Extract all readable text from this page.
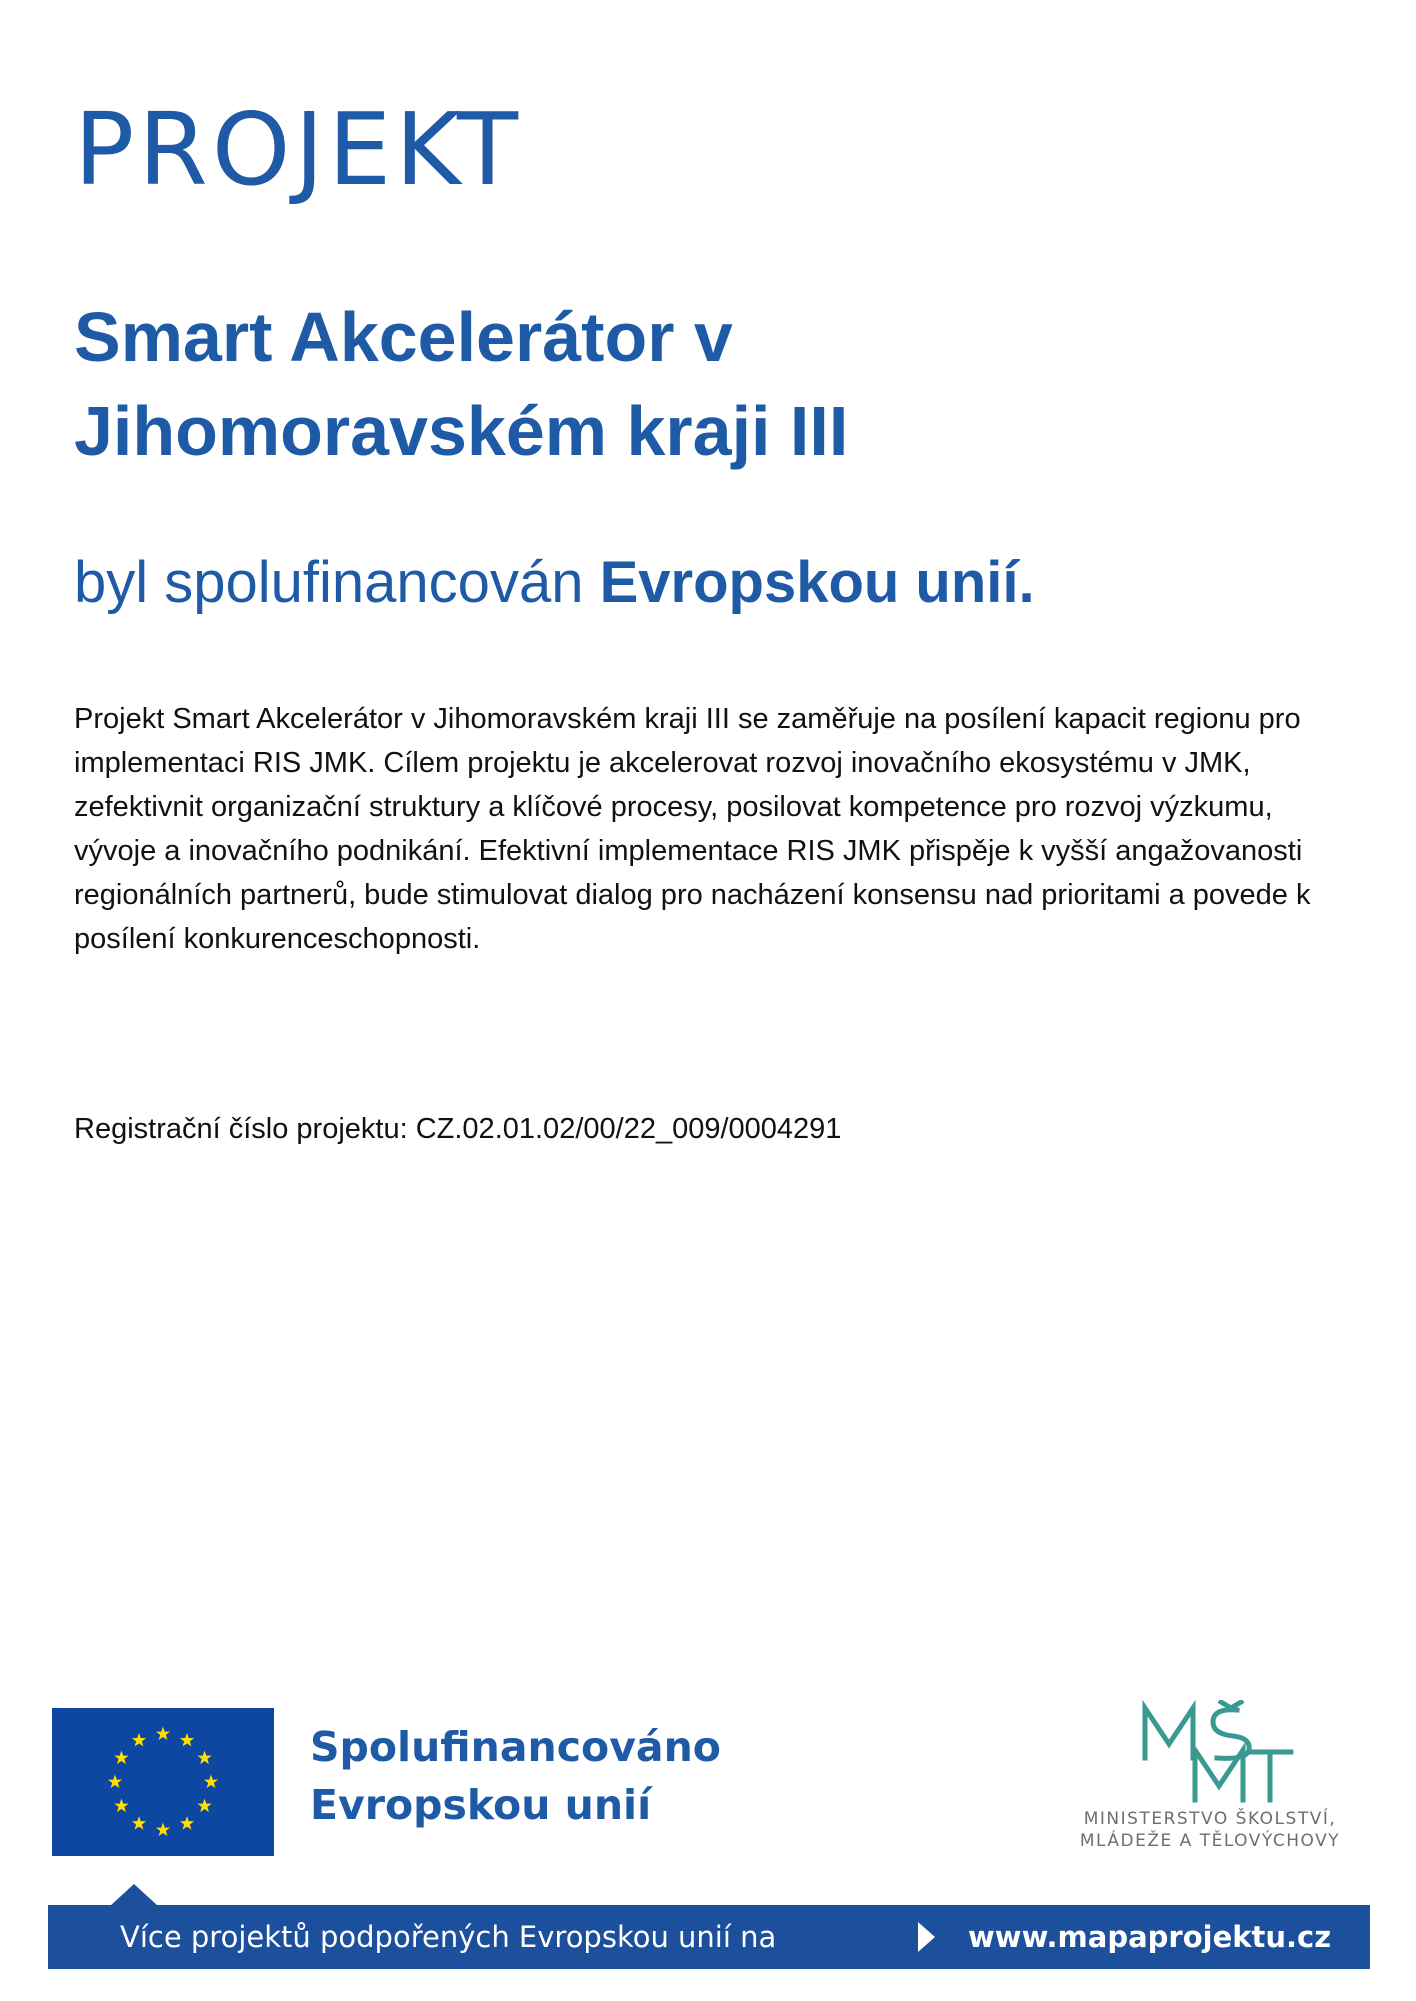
PROJEKT
Smart Akcelerátor v
Jihomoravském kraji III

byl spolufinancován Evropskou unií.

Projekt Smart Akcelerátor v Jihomoravském kraji III se zaměřuje na posílení kapacit regionu pro implementaci RIS JMK. Cílem projektu je akcelerovat rozvoj inovačního ekosystému v JMK, zefektivnit organizační struktury a klíčové procesy, posilovat kompetence pro rozvoj výzkumu, vývoje a inovačního podnikání. Efektivní implementace RIS JMK přispěje k vyšší angažovanosti regionálních partnerů, bude stimulovat dialog pro nacházení konsensu nad prioritami a povede k posílení konkurenceschopnosti.

Registrační číslo projektu: CZ.02.01.02/00/22_009/0004291

Spolufinancováno
Evropskou unií	MINISTERSTVO ŠKOLSTVÍ,
MLÁDEŽE A TĚLOVÝCHOVY
Více projektů podpořených Evropskou unií na	www.mapaprojektu.cz
